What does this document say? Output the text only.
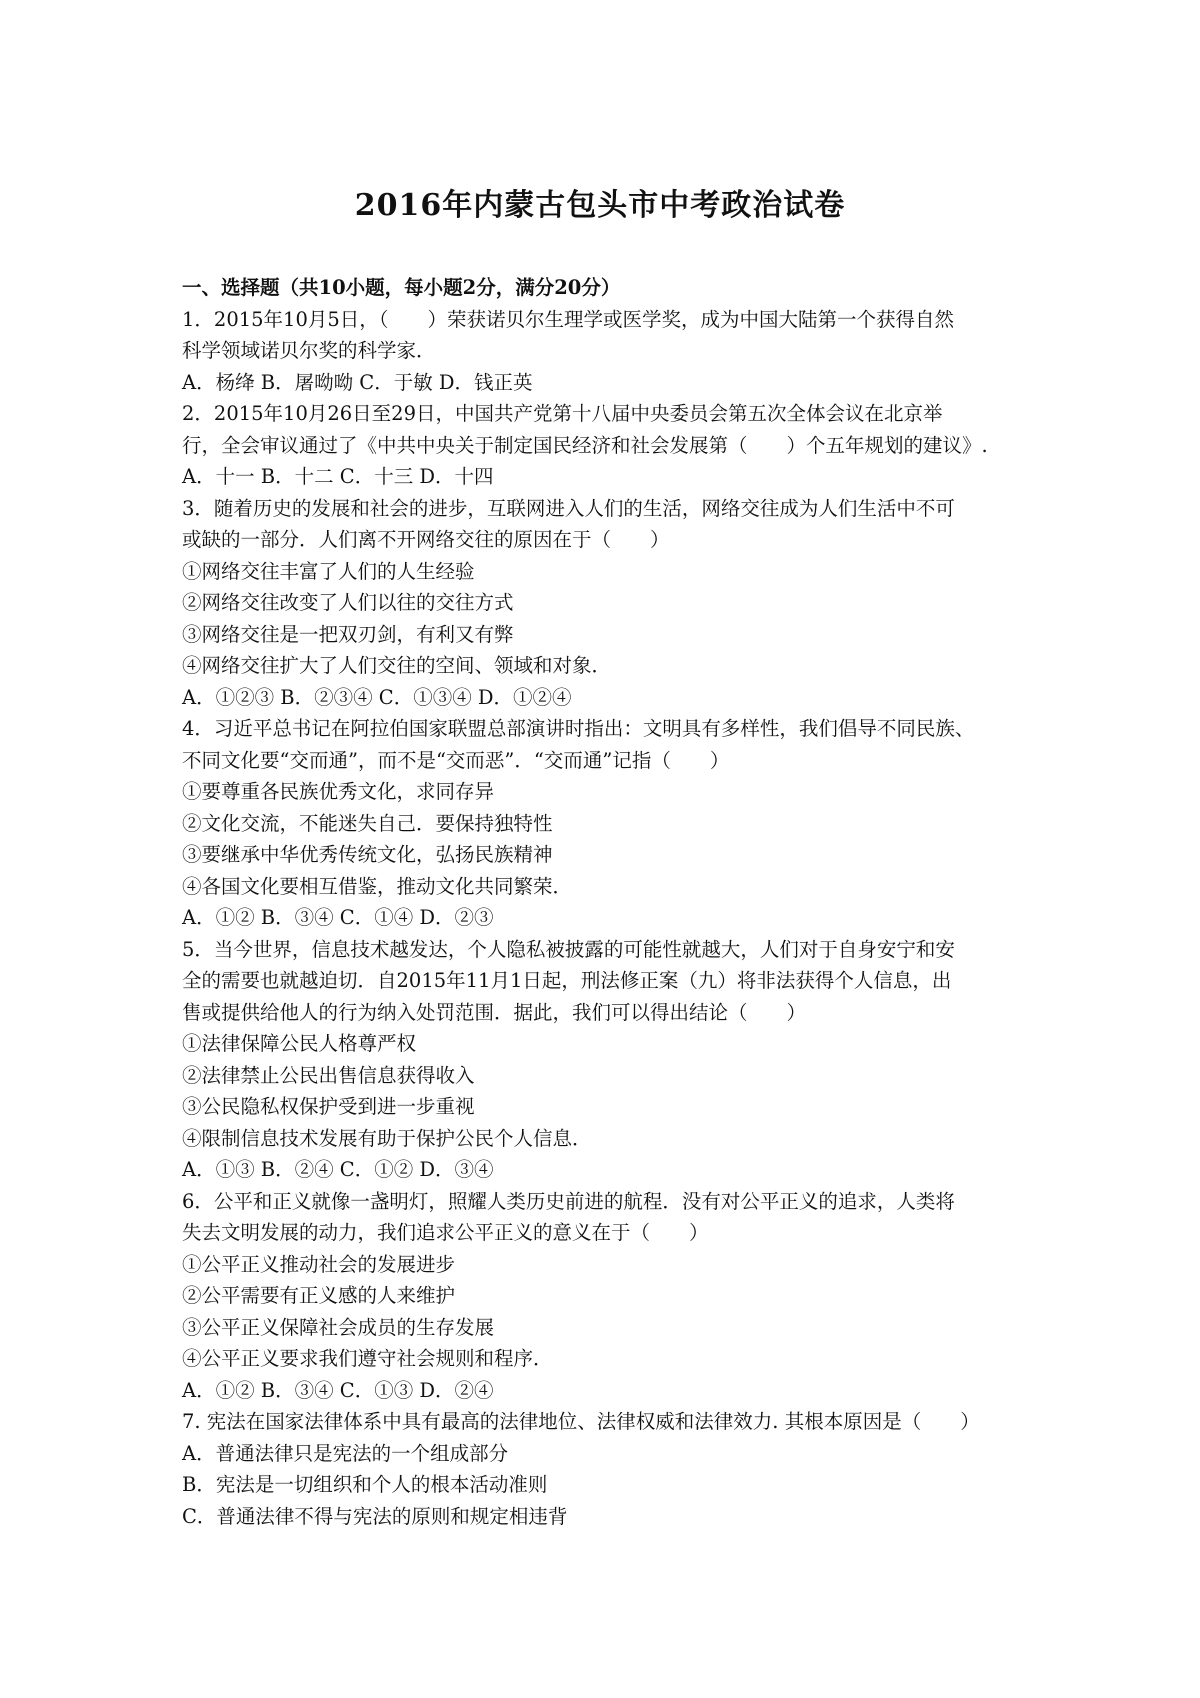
2016年内蒙古包头市中考政治试卷
一、选择题（共10小题，每小题2分，满分20分）
1．2015年10月5日，（　　）荣获诺贝尔生理学或医学奖，成为中国大陆第一个获得自然
科学领域诺贝尔奖的科学家．
A．杨绛 B．屠呦呦 C．于敏 D．钱正英
2．2015年10月26日至29日，中国共产党第十八届中央委员会第五次全体会议在北京举
行，全会审议通过了《中共中央关于制定国民经济和社会发展第（　　）个五年规划的建议》.
A．十一 B．十二 C．十三 D．十四
3．随着历史的发展和社会的进步，互联网进入人们的生活，网络交往成为人们生活中不可
或缺的一部分．人们离不开网络交往的原因在于（　　）
①网络交往丰富了人们的人生经验
②网络交往改变了人们以往的交往方式
③网络交往是一把双刃剑，有利又有弊
④网络交往扩大了人们交往的空间、领域和对象．
A．①②③ B．②③④ C．①③④ D．①②④
4．习近平总书记在阿拉伯国家联盟总部演讲时指出：文明具有多样性，我们倡导不同民族、
不同文化要“交而通”，而不是“交而恶”．“交而通”记指（　　）
①要尊重各民族优秀文化，求同存异
②文化交流，不能迷失自己．要保持独特性
③要继承中华优秀传统文化，弘扬民族精神
④各国文化要相互借鉴，推动文化共同繁荣．
A．①② B．③④ C．①④ D．②③
5．当今世界，信息技术越发达，个人隐私被披露的可能性就越大，人们对于自身安宁和安
全的需要也就越迫切．自2015年11月1日起，刑法修正案（九）将非法获得个人信息，出
售或提供给他人的行为纳入处罚范围．据此，我们可以得出结论（　　）
①法律保障公民人格尊严权
②法律禁止公民出售信息获得收入
③公民隐私权保护受到进一步重视
④限制信息技术发展有助于保护公民个人信息．
A．①③ B．②④ C．①② D．③④
6．公平和正义就像一盏明灯，照耀人类历史前进的航程．没有对公平正义的追求，人类将
失去文明发展的动力，我们追求公平正义的意义在于（　　）
①公平正义推动社会的发展进步
②公平需要有正义感的人来维护
③公平正义保障社会成员的生存发展
④公平正义要求我们遵守社会规则和程序．
A．①② B．③④ C．①③ D．②④
7. 宪法在国家法律体系中具有最高的法律地位、法律权威和法律效力. 其根本原因是（　　）
A．普通法律只是宪法的一个组成部分
B．宪法是一切组织和个人的根本活动准则
C．普通法律不得与宪法的原则和规定相违背
